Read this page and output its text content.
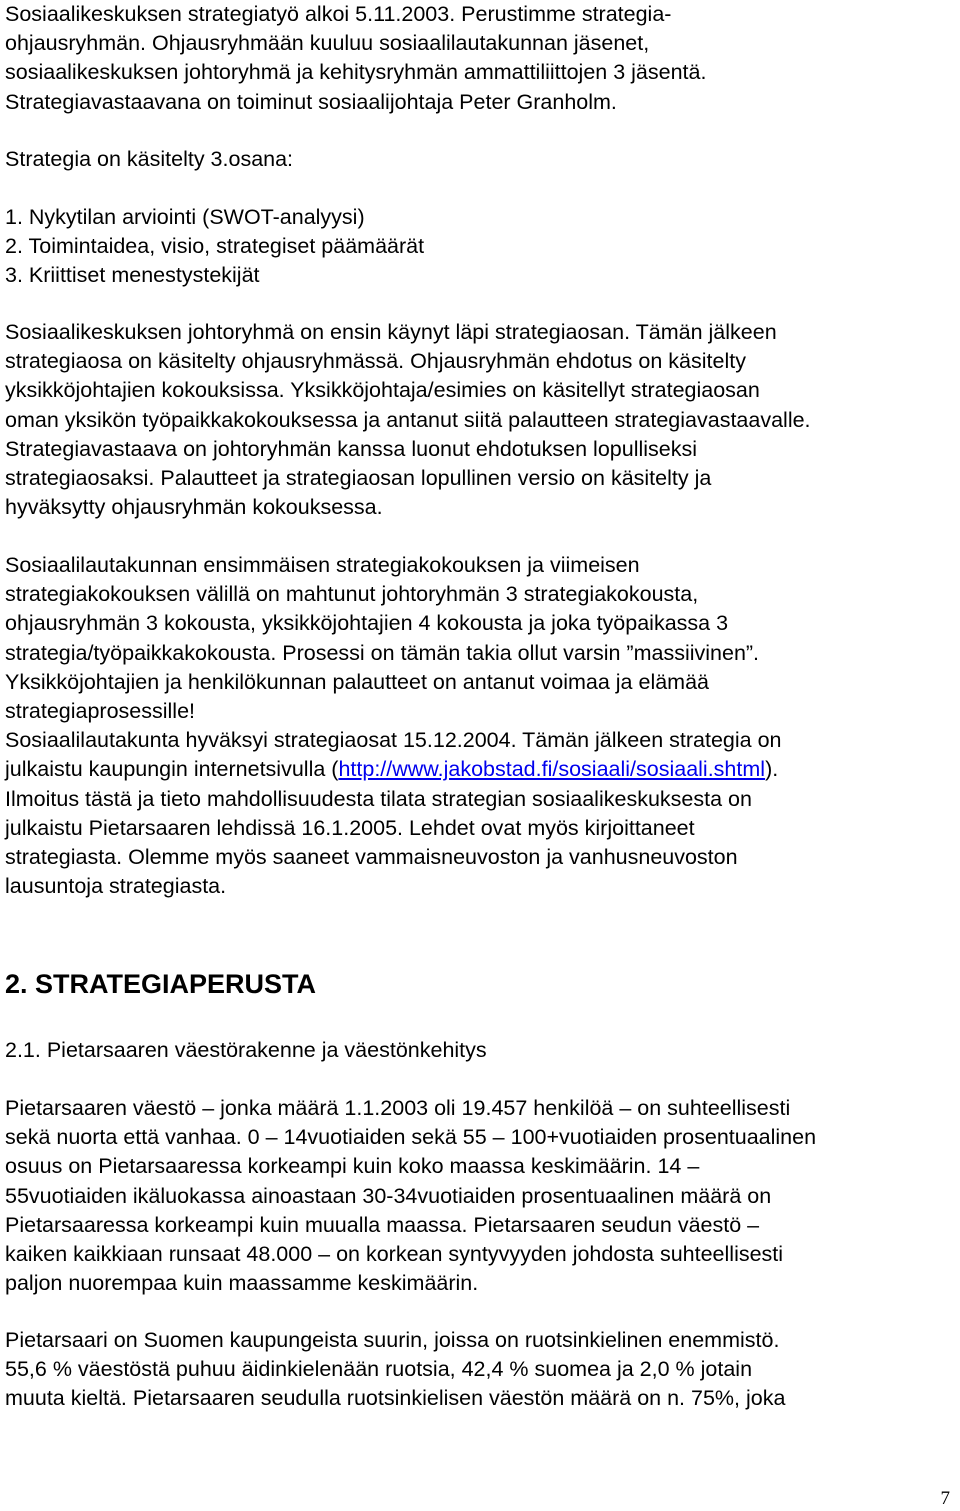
Sosiaalikeskuksen strategiatyö alkoi 5.11.2003. Perustimme strategia-
ohjausryhmän. Ohjausryhmään kuuluu sosiaalilautakunnan jäsenet,
sosiaalikeskuksen johtoryhmä ja kehitysryhmän ammattiliittojen 3 jäsentä.
Strategiavastaavana on toiminut sosiaalijohtaja Peter Granholm.
Strategia on käsitelty 3.osana:
1. Nykytilan arviointi (SWOT-analyysi)
2. Toimintaidea, visio, strategiset päämäärät
3. Kriittiset menestystekijät
Sosiaalikeskuksen johtoryhmä on ensin käynyt läpi strategiaosan. Tämän jälkeen
strategiaosa on käsitelty ohjausryhmässä. Ohjausryhmän ehdotus on käsitelty
yksikköjohtajien kokouksissa. Yksikköjohtaja/esimies on käsitellyt strategiaosan
oman yksikön työpaikkakokouksessa ja antanut siitä palautteen strategiavastaavalle.
Strategiavastaava on johtoryhmän kanssa luonut ehdotuksen lopulliseksi
strategiaosaksi. Palautteet ja strategiaosan lopullinen versio on käsitelty ja
hyväksytty ohjausryhmän kokouksessa.
Sosiaalilautakunnan ensimmäisen strategiakokouksen ja viimeisen
strategiakokouksen välillä on mahtunut johtoryhmän 3 strategiakokousta,
ohjausryhmän 3 kokousta, yksikköjohtajien 4 kokousta ja joka työpaikassa 3
strategia/työpaikkakokousta. Prosessi on tämän takia ollut varsin ”massiivinen”.
Yksikköjohtajien ja henkilökunnan palautteet on antanut voimaa ja elämää
strategiaprosessille!
Sosiaalilautakunta hyväksyi strategiaosat 15.12.2004. Tämän jälkeen strategia on
julkaistu kaupungin internetsivulla (http://www.jakobstad.fi/sosiaali/sosiaali.shtml).
Ilmoitus tästä ja tieto mahdollisuudesta tilata strategian sosiaalikeskuksesta on
julkaistu Pietarsaaren lehdissä 16.1.2005. Lehdet ovat myös kirjoittaneet
strategiasta. Olemme myös saaneet vammaisneuvoston ja vanhusneuvoston
lausuntoja strategiasta.
2. STRATEGIAPERUSTA
2.1. Pietarsaaren väestörakenne ja väestönkehitys
Pietarsaaren väestö – jonka määrä 1.1.2003 oli 19.457 henkilöä – on suhteellisesti
sekä nuorta että vanhaa. 0 – 14vuotiaiden sekä 55 – 100+vuotiaiden prosentuaalinen
osuus on Pietarsaaressa korkeampi kuin koko maassa keskimäärin. 14 –
55vuotiaiden ikäluokassa ainoastaan 30-34vuotiaiden prosentuaalinen määrä on
Pietarsaaressa korkeampi kuin muualla maassa. Pietarsaaren seudun väestö –
kaiken kaikkiaan runsaat 48.000 – on korkean syntyvyyden johdosta suhteellisesti
paljon nuorempaa kuin maassamme keskimäärin.
Pietarsaari on Suomen kaupungeista suurin, joissa on ruotsinkielinen enemmistö.
55,6 % väestöstä puhuu äidinkielenään ruotsia, 42,4 % suomea ja 2,0 % jotain
muuta kieltä. Pietarsaaren seudulla ruotsinkielisen väestön määrä on n. 75%, joka
7
